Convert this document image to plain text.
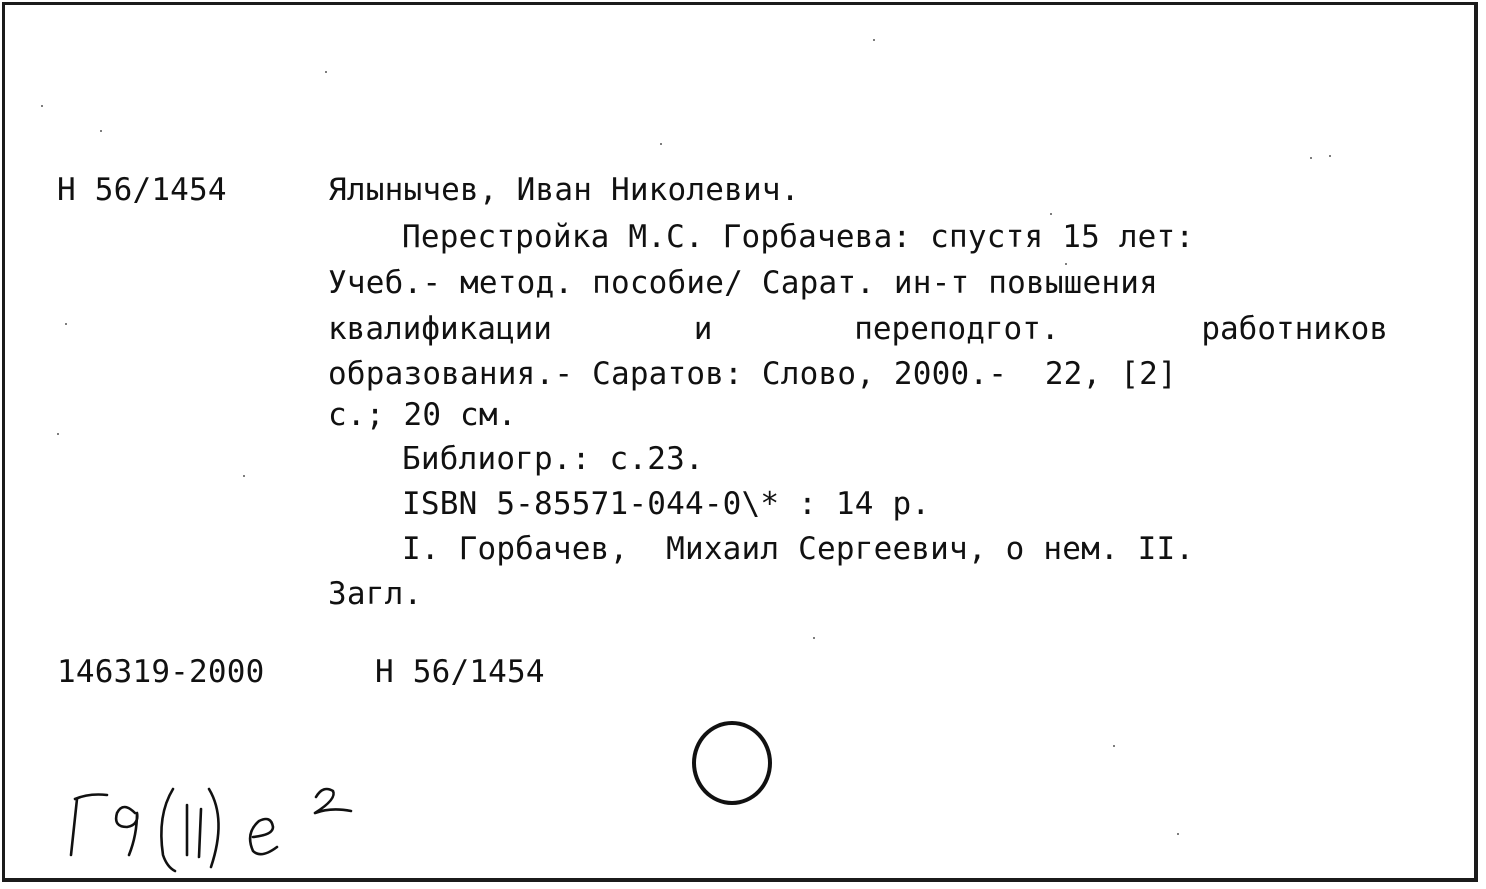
Н 56/1454	Ялынычев, Иван Николевич.
Перестройка М.С. Горбачева: спустя 15 лет:
Учеб.- метод. пособие/ Сарат. ин-т повышения
квалификации	и	переподгот.	работников
образования.- Саратов: Слово, 2000.-  22, [2]
с.; 20 см.
Библиогр.: с.23.
ISBN 5-85571-044-0\* : 14 р.
I. Горбачев,  Михаил Сергеевич, о нем. II.
Загл.
146319-2000	Н 56/1454
